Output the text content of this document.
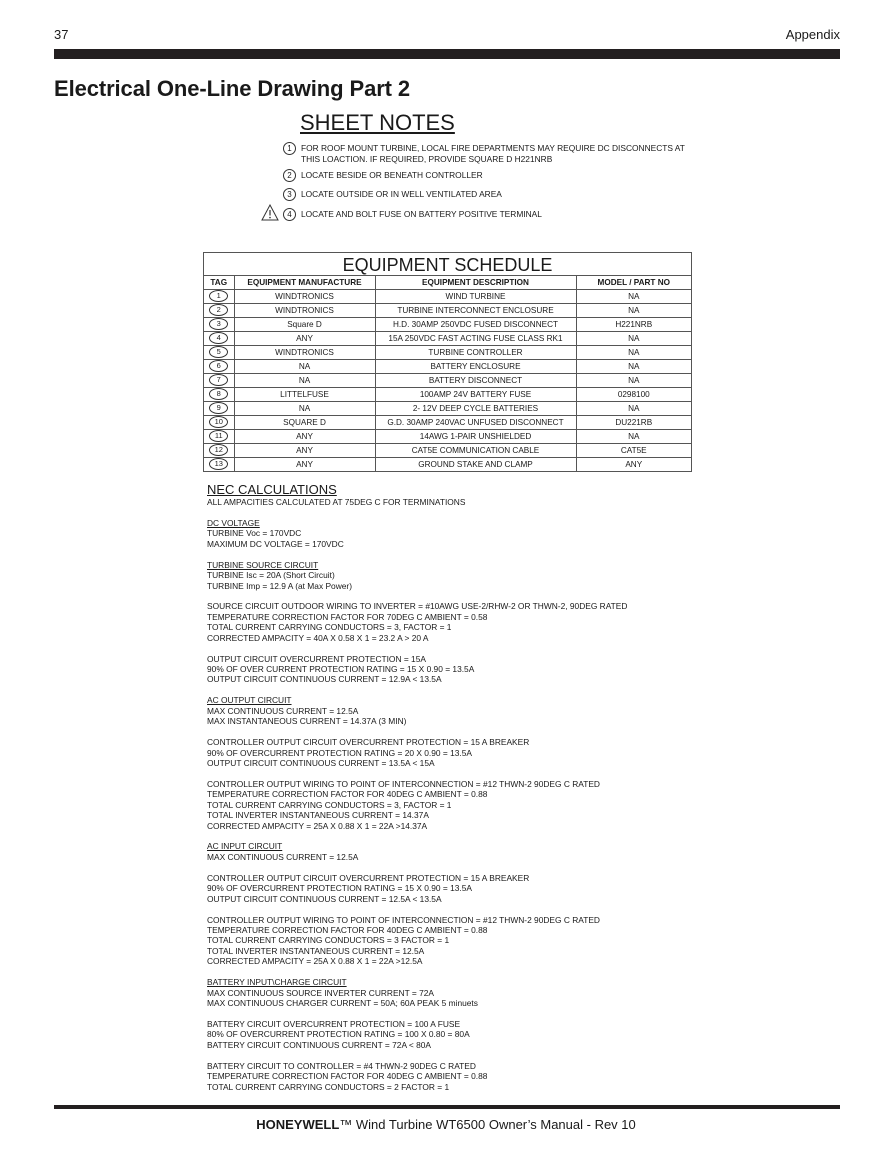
37	Appendix
Electrical One-Line Drawing Part 2
SHEET NOTES
1	FOR ROOF MOUNT TURBINE, LOCAL FIRE DEPARTMENTS MAY REQUIRE DC DISCONNECTS AT
THIS LOACTION. IF REQUIRED, PROVIDE SQUARE D H221NRB
2	LOCATE BESIDE OR BENEATH CONTROLLER
3	LOCATE OUTSIDE OR IN WELL VENTILATED AREA
4	LOCATE AND BOLT FUSE ON BATTERY POSITIVE TERMINAL
EQUIPMENT SCHEDULE
TAG	EQUIPMENT MANUFACTURE	EQUIPMENT DESCRIPTION	MODEL / PART NO
1	WINDTRONICS	WIND TURBINE	NA
2	WINDTRONICS	TURBINE INTERCONNECT ENCLOSURE	NA
3	Square D	H.D. 30AMP 250VDC FUSED DISCONNECT	H221NRB
4	ANY	15A 250VDC FAST ACTING FUSE CLASS RK1	NA
5	WINDTRONICS	TURBINE CONTROLLER	NA
6	NA	BATTERY ENCLOSURE	NA
7	NA	BATTERY DISCONNECT	NA
8	LITTELFUSE	100AMP 24V BATTERY FUSE	0298100
9	NA	2- 12V DEEP CYCLE BATTERIES	NA
10	SQUARE D	G.D. 30AMP 240VAC UNFUSED DISCONNECT	DU221RB
11	ANY	14AWG 1-PAIR UNSHIELDED	NA
12	ANY	CAT5E COMMUNICATION CABLE	CAT5E
13	ANY	GROUND STAKE AND CLAMP	ANY
NEC CALCULATIONS
ALL AMPACITIES CALCULATED AT 75DEG C FOR TERMINATIONS
DC VOLTAGE
TURBINE Voc = 170VDC
MAXIMUM DC VOLTAGE = 170VDC
TURBINE SOURCE CIRCUIT
TURBINE Isc = 20A (Short Circuit)
TURBINE Imp = 12.9 A (at Max Power)
SOURCE CIRCUIT OUTDOOR WIRING TO INVERTER = #10AWG USE-2/RHW-2 OR THWN-2, 90DEG RATED
TEMPERATURE CORRECTION FACTOR FOR 70DEG C AMBIENT = 0.58
TOTAL CURRENT CARRYING CONDUCTORS = 3, FACTOR = 1
CORRECTED AMPACITY = 40A X 0.58 X 1 = 23.2 A > 20 A
OUTPUT CIRCUIT OVERCURRENT PROTECTION = 15A
90% OF OVER CURRENT PROTECTION RATING = 15 X 0.90 = 13.5A
OUTPUT CIRCUIT CONTINUOUS CURRENT = 12.9A < 13.5A
AC OUTPUT CIRCUIT
MAX CONTINUOUS CURRENT = 12.5A
MAX INSTANTANEOUS CURRENT = 14.37A (3 MIN)
CONTROLLER OUTPUT CIRCUIT OVERCURRENT PROTECTION = 15 A BREAKER
90% OF OVERCURRENT PROTECTION RATING = 20 X 0.90 = 13.5A
OUTPUT CIRCUIT CONTINUOUS CURRENT = 13.5A < 15A
CONTROLLER OUTPUT WIRING TO POINT OF INTERCONNECTION = #12 THWN-2 90DEG C RATED
TEMPERATURE CORRECTION FACTOR FOR 40DEG C AMBIENT = 0.88
TOTAL CURRENT CARRYING CONDUCTORS = 3, FACTOR = 1
TOTAL INVERTER INSTANTANEOUS CURRENT = 14.37A
CORRECTED AMPACITY = 25A X 0.88 X 1 = 22A >14.37A
AC INPUT CIRCUIT
MAX CONTINUOUS CURRENT = 12.5A
CONTROLLER OUTPUT CIRCUIT OVERCURRENT PROTECTION = 15 A BREAKER
90% OF OVERCURRENT PROTECTION RATING = 15 X 0.90 = 13.5A
OUTPUT CIRCUIT CONTINUOUS CURRENT = 12.5A < 13.5A
CONTROLLER OUTPUT WIRING TO POINT OF INTERCONNECTION = #12 THWN-2 90DEG C RATED
TEMPERATURE CORRECTION FACTOR FOR 40DEG C AMBIENT = 0.88
TOTAL CURRENT CARRYING CONDUCTORS = 3 FACTOR = 1
TOTAL INVERTER INSTANTANEOUS CURRENT = 12.5A
CORRECTED AMPACITY = 25A X 0.88 X 1 = 22A >12.5A
BATTERY INPUT\CHARGE CIRCUIT
MAX CONTINUOUS SOURCE INVERTER CURRENT = 72A
MAX CONTINUOUS CHARGER CURRENT = 50A; 60A PEAK 5 minuets
BATTERY CIRCUIT OVERCURRENT PROTECTION = 100 A FUSE
80% OF OVERCURRENT PROTECTION RATING = 100 X 0.80 = 80A
BATTERY CIRCUIT CONTINUOUS CURRENT = 72A < 80A
BATTERY CIRCUIT TO CONTROLLER = #4 THWN-2 90DEG C RATED
TEMPERATURE CORRECTION FACTOR FOR 40DEG C AMBIENT = 0.88
TOTAL CURRENT CARRYING CONDUCTORS = 2 FACTOR = 1
HONEYWELL™ Wind Turbine WT6500 Owner’s Manual - Rev 10
